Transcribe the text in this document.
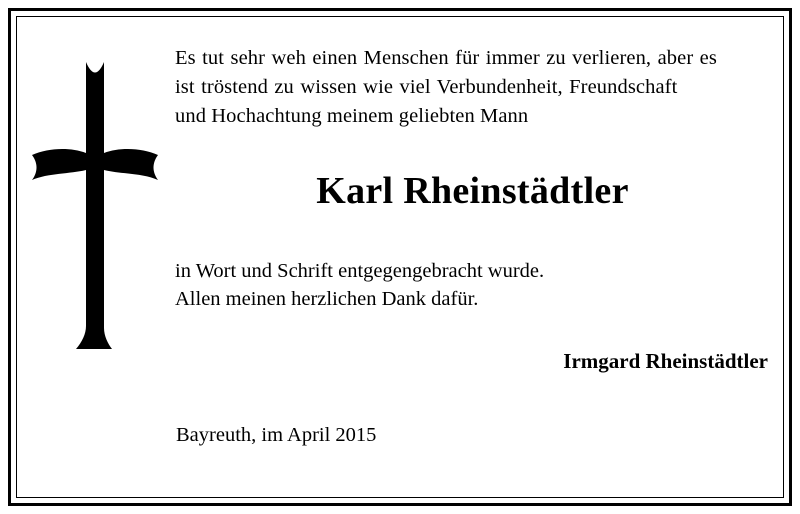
Es tut sehr weh einen Menschen für immer zu verlieren, aber es
ist tröstend zu wissen wie viel Verbundenheit, Freundschaft
und Hochachtung meinem geliebten Mann
Karl Rheinstädtler
in Wort und Schrift entgegengebracht wurde.
Allen meinen herzlichen Dank dafür.
Irmgard Rheinstädtler
Bayreuth, im April 2015
